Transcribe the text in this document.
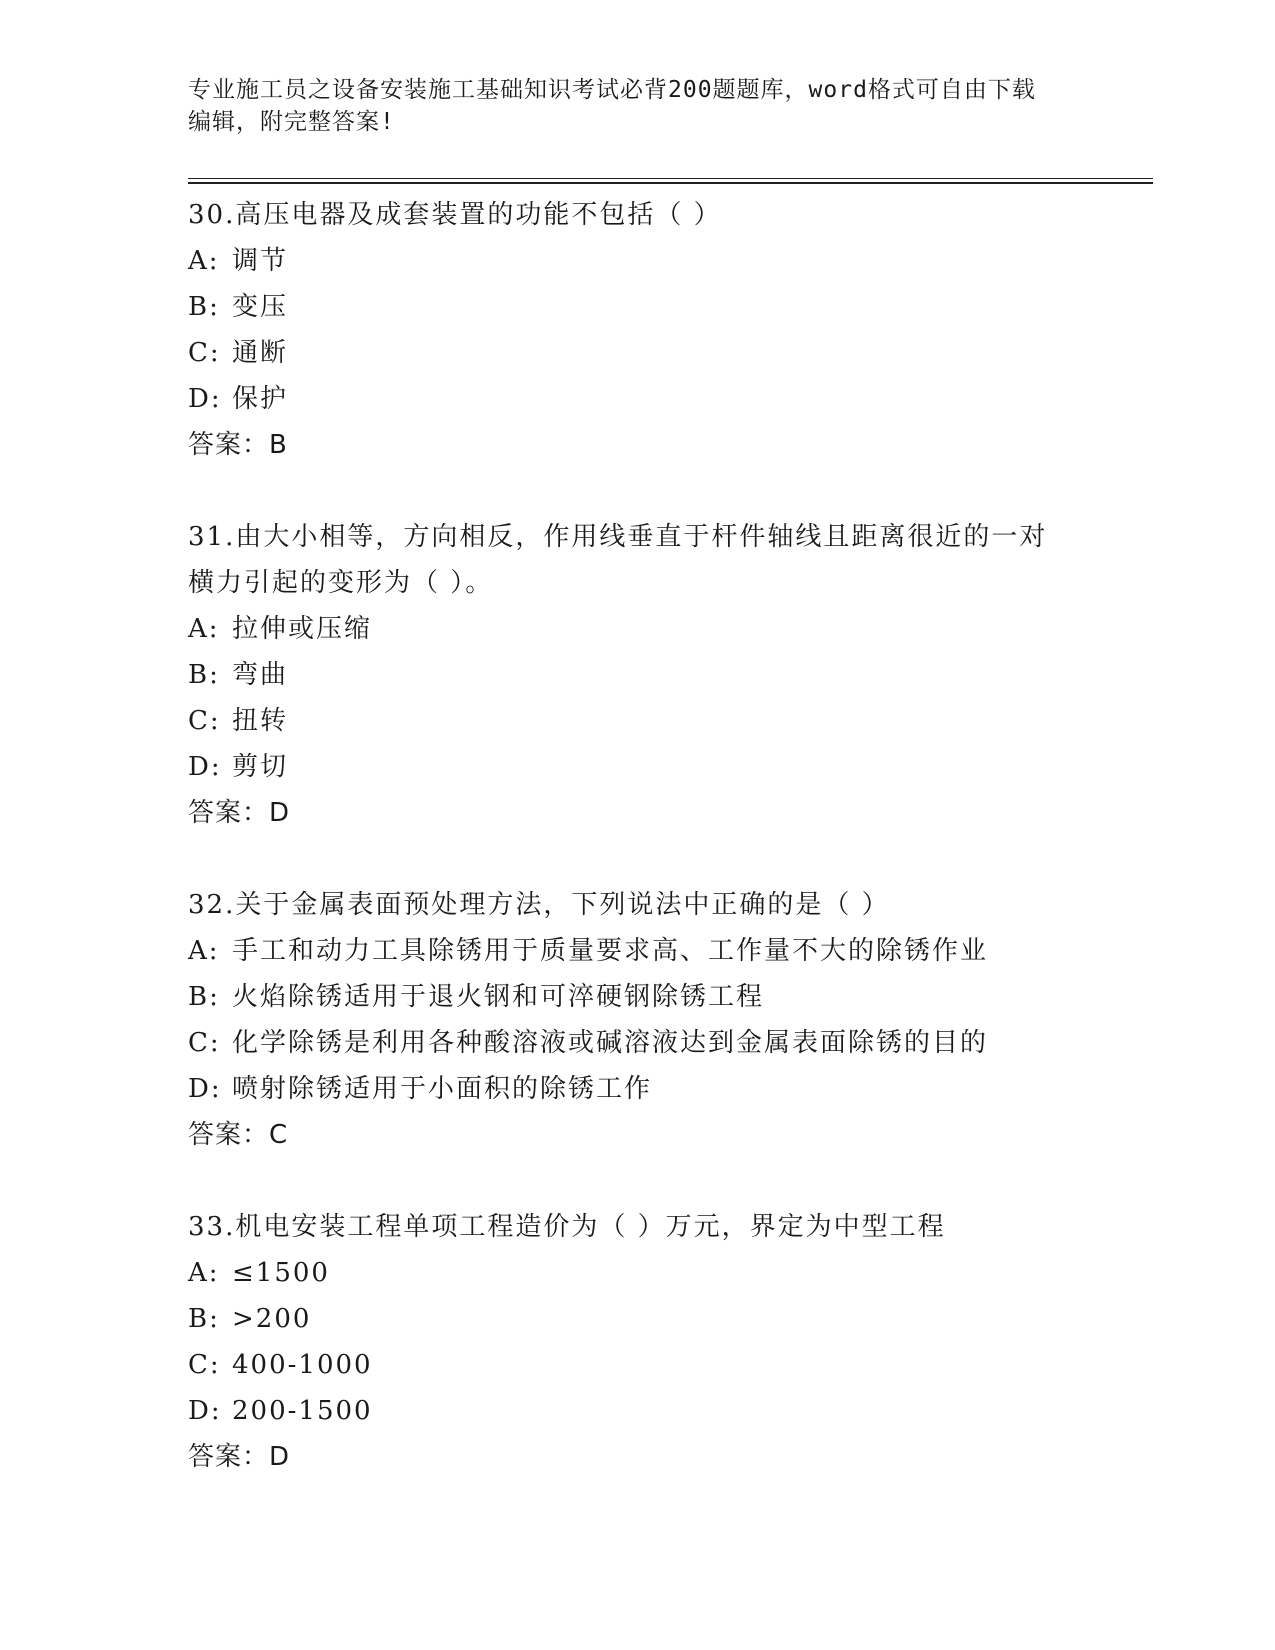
专业施工员之设备安装施工基础知识考试必背200题题库，word格式可自由下载
编辑，附完整答案!
30.高压电器及成套装置的功能不包括（ ）
A: 调节
B: 变压
C: 通断
D: 保护
答案：B
31.由大小相等，方向相反，作用线垂直于杆件轴线且距离很近的一对
横力引起的变形为（ ）。
A: 拉伸或压缩
B: 弯曲
C: 扭转
D: 剪切
答案：D
32.关于金属表面预处理方法，下列说法中正确的是（ ）
A: 手工和动力工具除锈用于质量要求高、工作量不大的除锈作业
B: 火焰除锈适用于退火钢和可淬硬钢除锈工程
C: 化学除锈是利用各种酸溶液或碱溶液达到金属表面除锈的目的
D: 喷射除锈适用于小面积的除锈工作
答案：C
33.机电安装工程单项工程造价为（ ）万元，界定为中型工程
A: ≤1500
B: >200
C: 400-1000
D: 200-1500
答案：D
